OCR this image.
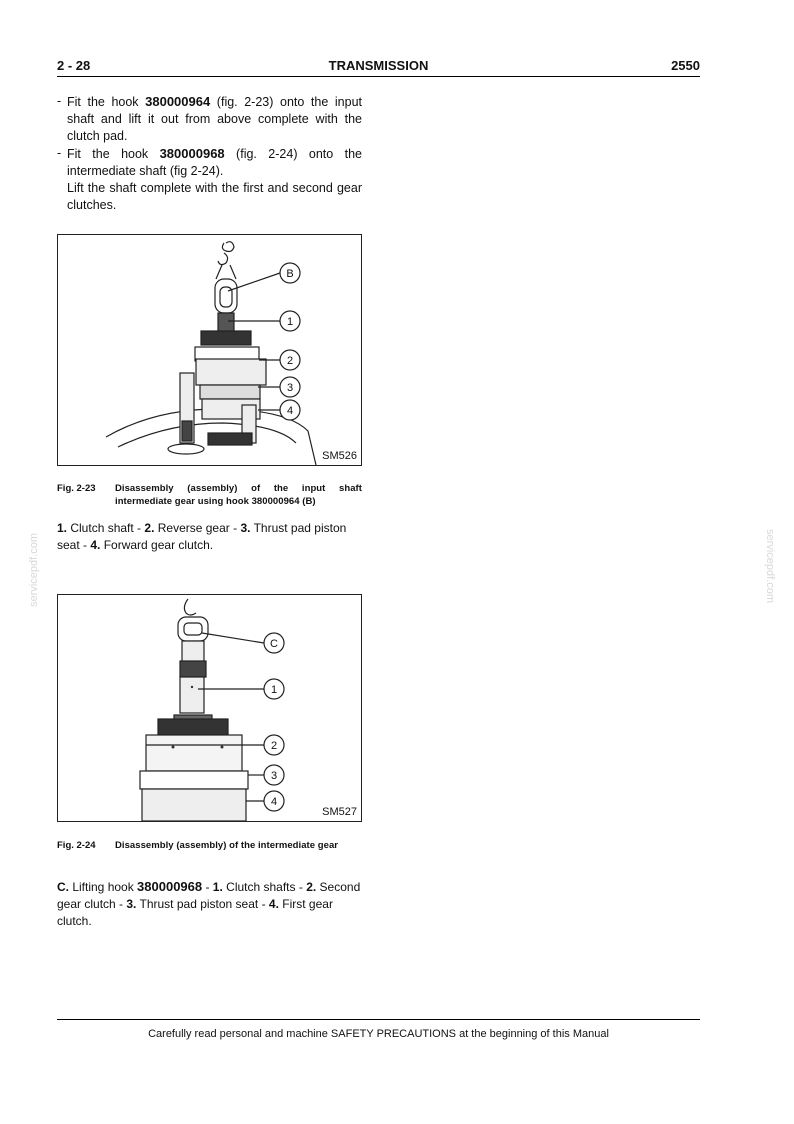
2 - 28	TRANSMISSION	2550
- Fit the hook 380000964 (fig. 2-23) onto the input shaft and lift it out from above complete with the clutch pad.
- Fit the hook 380000968 (fig. 2-24) onto the intermediate shaft (fig 2-24).
Lift the shaft complete with the first and second gear clutches.
B
1
2
3
4
SM526
Fig. 2-23 Disassembly (assembly) of the input shaft intermediate gear using hook 380000964 (B)
1. Clutch shaft - 2. Reverse gear - 3. Thrust pad piston seat - 4. Forward gear clutch.
C
1
2
3
4
SM527
Fig. 2-24 Disassembly (assembly) of the intermediate gear
C. Lifting hook 380000968 - 1. Clutch shafts - 2. Second gear clutch - 3. Thrust pad piston seat - 4. First gear clutch.
servicepdf.com	servicepdf.com
Carefully read personal and machine SAFETY PRECAUTIONS at the beginning of this Manual
